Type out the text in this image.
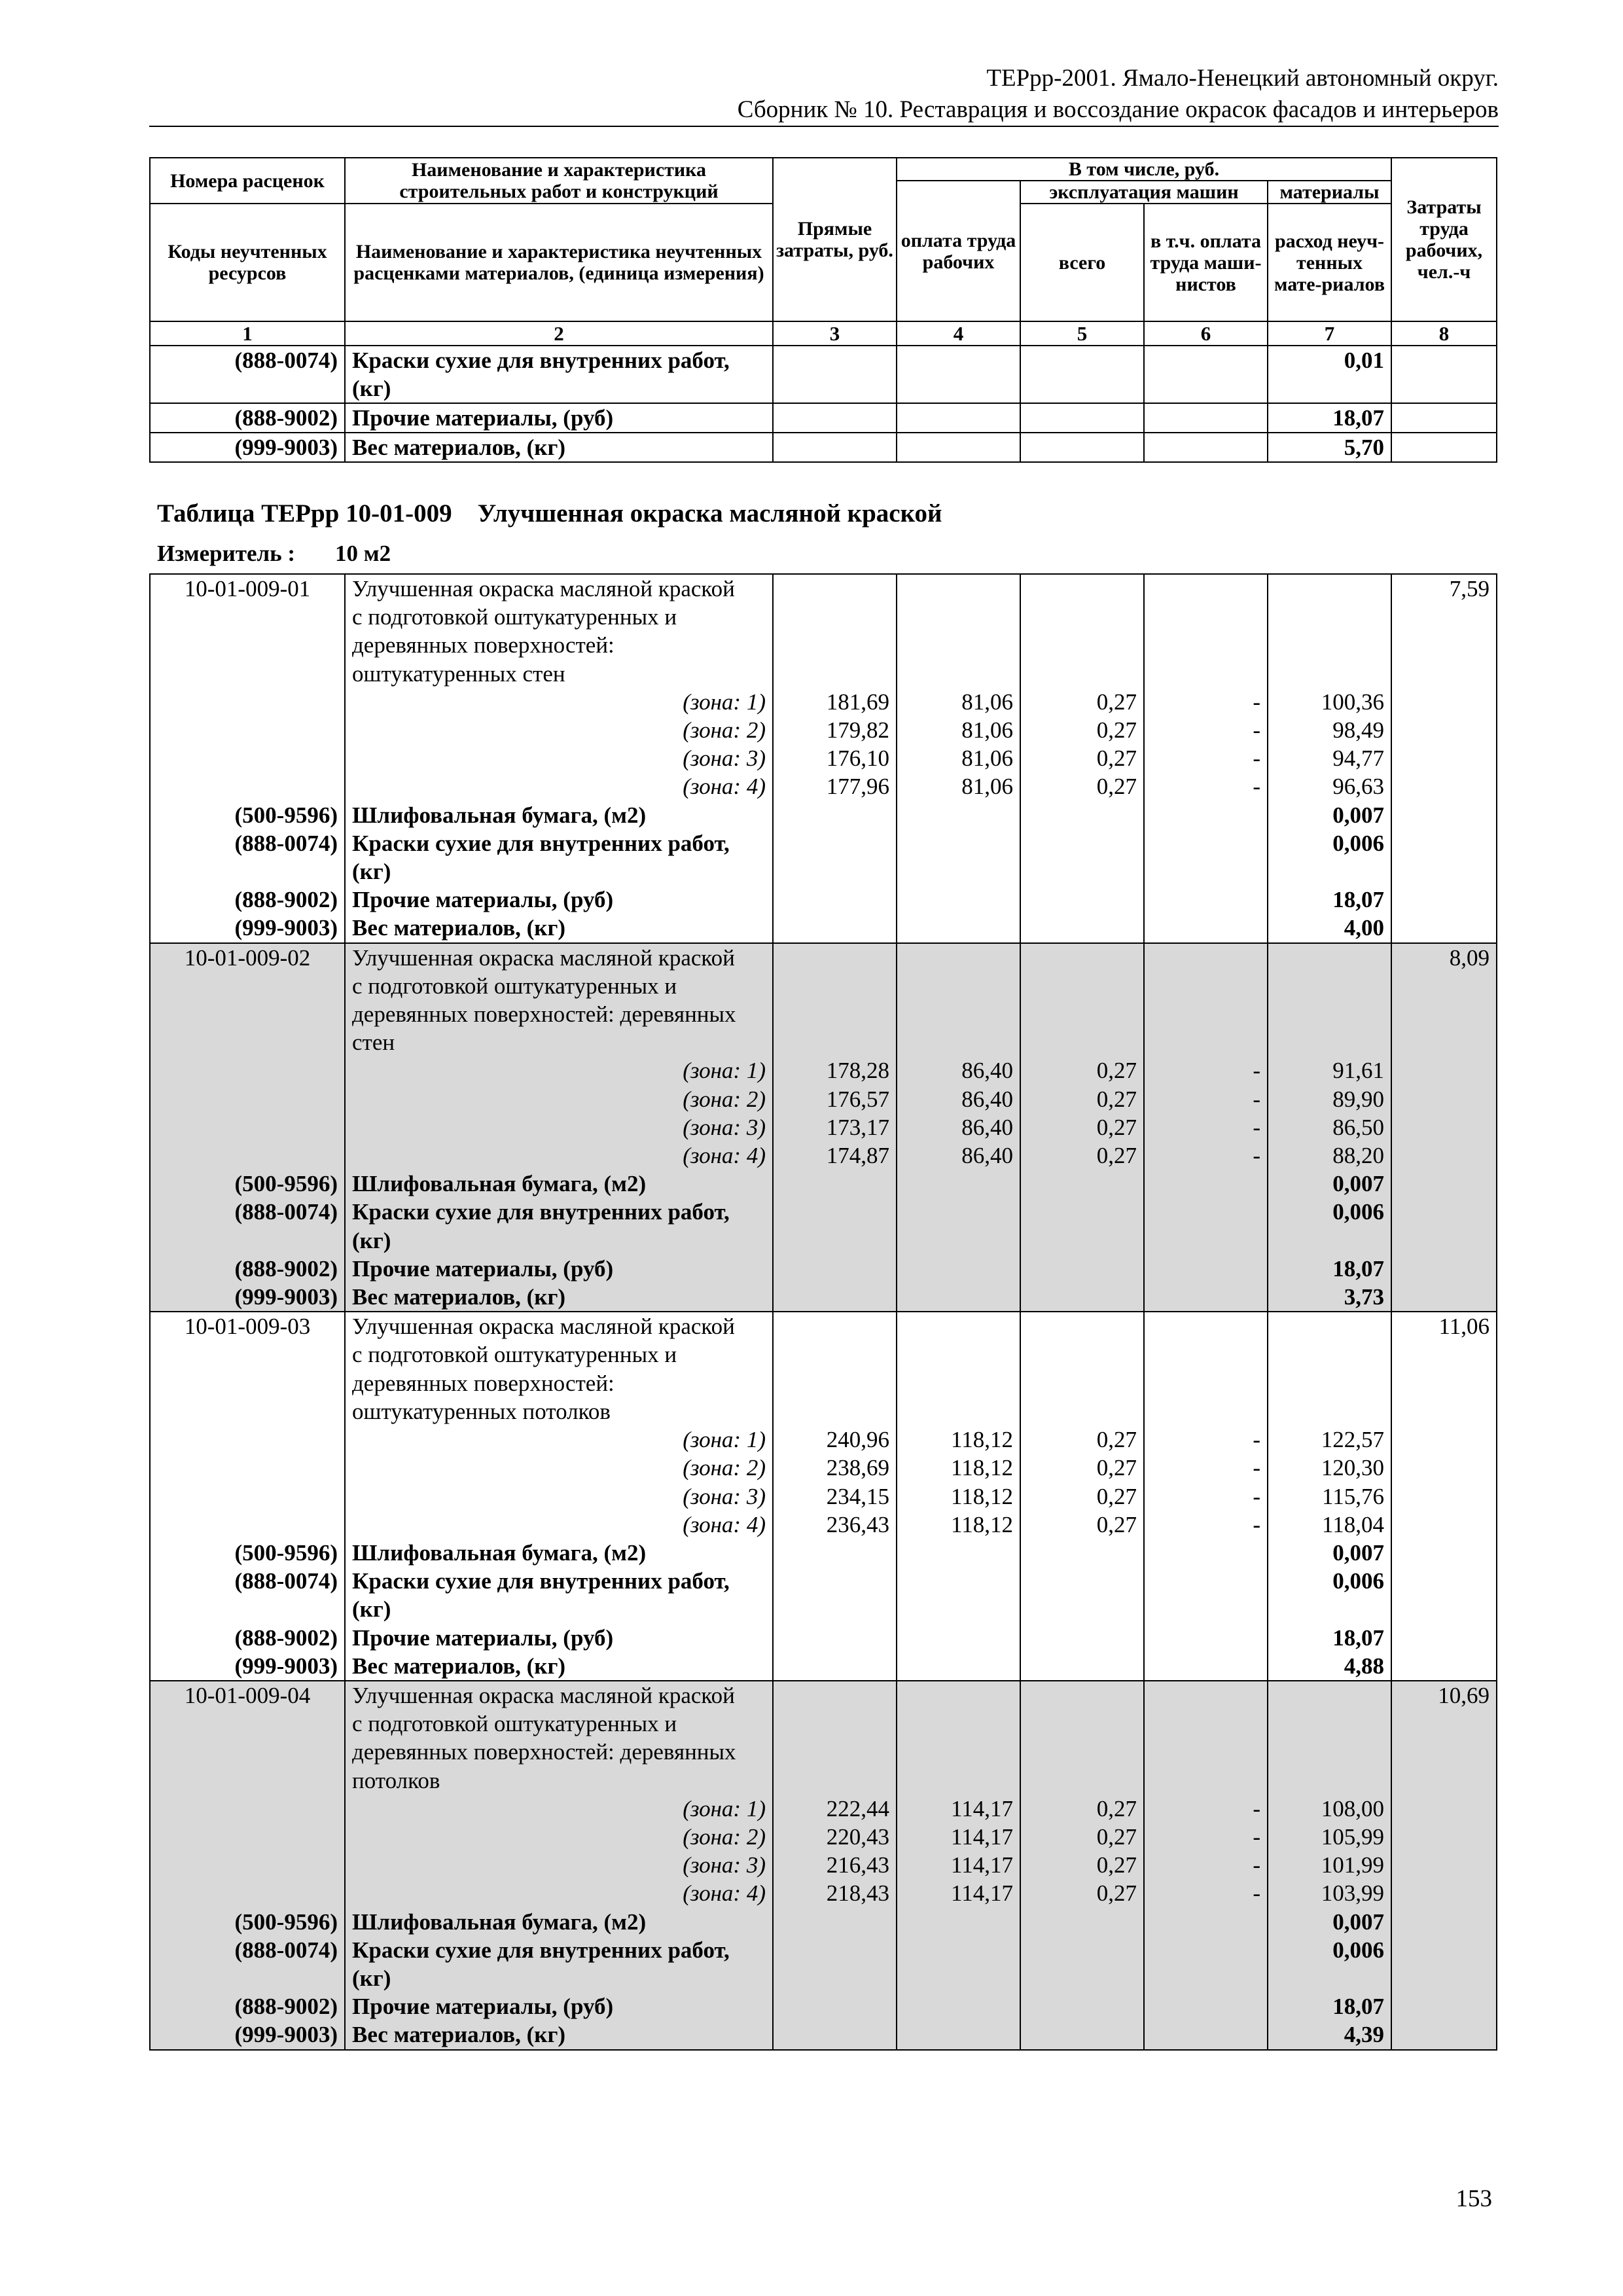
ТЕРрр-2001. Ямало-Ненецкий автономный округ.
Сборник № 10. Реставрация и воссоздание окрасок фасадов и интерьеров
Номера расценок	Наименование и характеристика строительных работ и конструкций	Прямые затраты, руб.	В том числе, руб.				Затраты труда рабочих, чел.-ч
			оплата труда рабочих	эксплуатация машин		материалы	
Коды неучтенных ресурсов	Наименование и характеристика неучтенных расценками материалов, (единица измерения)			всего	в т.ч. оплата труда маши-нистов	расход неуч-тенных мате-риалов	
1	2	3	4	5	6	7	8
(888-0074)	Краски сухие для внутренних работ, (кг)					0,01	
(888-9002)	Прочие материалы, (руб)					18,07	
(999-9003)	Вес материалов, (кг)					5,70	
Таблица ТЕРрр 10-01-009 Улучшенная окраска масляной краской
Измеритель : 10 м2
10-01-009-01	Улучшенная окраска масляной краской						7,59
	с подготовкой оштукатуренных и						
	деревянных поверхностей:						
	оштукатуренных стен						
	(зона: 1)	181,69	81,06	0,27	-	100,36	
	(зона: 2)	179,82	81,06	0,27	-	98,49	
	(зона: 3)	176,10	81,06	0,27	-	94,77	
	(зона: 4)	177,96	81,06	0,27	-	96,63	
(500-9596)	Шлифовальная бумага, (м2)					0,007	
(888-0074)	Краски сухие для внутренних работ,					0,006	
	(кг)						
(888-9002)	Прочие материалы, (руб)					18,07	
(999-9003)	Вес материалов, (кг)					4,00	
10-01-009-02	Улучшенная окраска масляной краской						8,09
	с подготовкой оштукатуренных и						
	деревянных поверхностей: деревянных						
	стен						
	(зона: 1)	178,28	86,40	0,27	-	91,61	
	(зона: 2)	176,57	86,40	0,27	-	89,90	
	(зона: 3)	173,17	86,40	0,27	-	86,50	
	(зона: 4)	174,87	86,40	0,27	-	88,20	
(500-9596)	Шлифовальная бумага, (м2)					0,007	
(888-0074)	Краски сухие для внутренних работ,					0,006	
	(кг)						
(888-9002)	Прочие материалы, (руб)					18,07	
(999-9003)	Вес материалов, (кг)					3,73	
10-01-009-03	Улучшенная окраска масляной краской						11,06
	с подготовкой оштукатуренных и						
	деревянных поверхностей:						
	оштукатуренных потолков						
	(зона: 1)	240,96	118,12	0,27	-	122,57	
	(зона: 2)	238,69	118,12	0,27	-	120,30	
	(зона: 3)	234,15	118,12	0,27	-	115,76	
	(зона: 4)	236,43	118,12	0,27	-	118,04	
(500-9596)	Шлифовальная бумага, (м2)					0,007	
(888-0074)	Краски сухие для внутренних работ,					0,006	
	(кг)						
(888-9002)	Прочие материалы, (руб)					18,07	
(999-9003)	Вес материалов, (кг)					4,88	
10-01-009-04	Улучшенная окраска масляной краской						10,69
	с подготовкой оштукатуренных и						
	деревянных поверхностей: деревянных						
	потолков						
	(зона: 1)	222,44	114,17	0,27	-	108,00	
	(зона: 2)	220,43	114,17	0,27	-	105,99	
	(зона: 3)	216,43	114,17	0,27	-	101,99	
	(зона: 4)	218,43	114,17	0,27	-	103,99	
(500-9596)	Шлифовальная бумага, (м2)					0,007	
(888-0074)	Краски сухие для внутренних работ,					0,006	
	(кг)						
(888-9002)	Прочие материалы, (руб)					18,07	
(999-9003)	Вес материалов, (кг)					4,39	
153
